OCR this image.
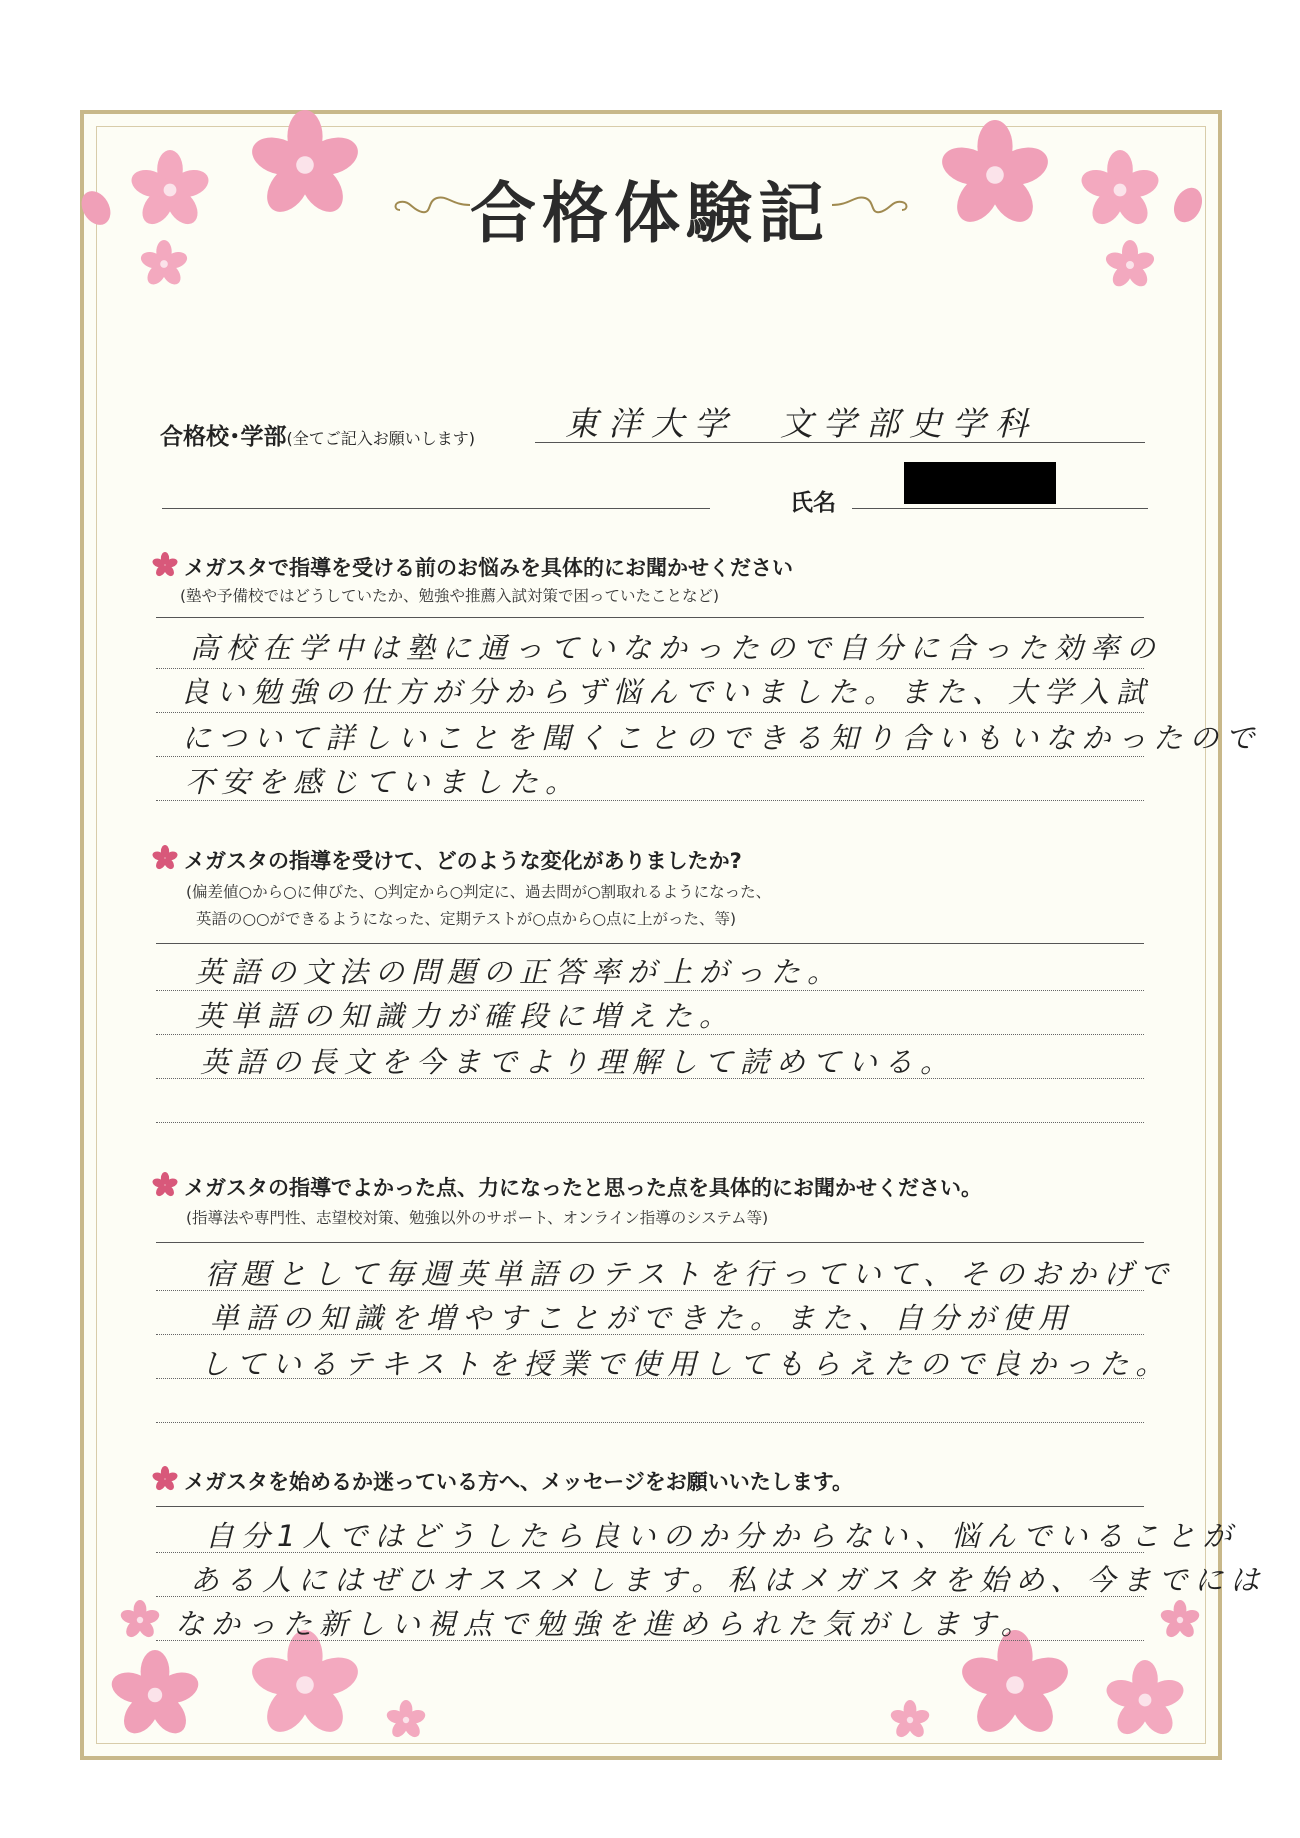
合格体験記
合格校･学部(全てご記入お願いします)	東洋大学　文学部史学科
氏名
メガスタで指導を受ける前のお悩みを具体的にお聞かせください
(塾や予備校ではどうしていたか、勉強や推薦入試対策で困っていたことなど)
高校在学中は塾に通っていなかったので自分に合った効率の
良い勉強の仕方が分からず悩んでいました。また、大学入試
について詳しいことを聞くことのできる知り合いもいなかったので
不安を感じていました。
メガスタの指導を受けて、どのような変化がありましたか?
(偏差値○から○に伸びた、○判定から○判定に、過去問が○割取れるようになった、
英語の○○ができるようになった、定期テストが○点から○点に上がった、等)
英語の文法の問題の正答率が上がった。
英単語の知識力が確段に増えた。
英語の長文を今までより理解して読めている。
メガスタの指導でよかった点、力になったと思った点を具体的にお聞かせください。
(指導法や専門性、志望校対策、勉強以外のサポート、オンライン指導のシステム等)
宿題として毎週英単語のテストを行っていて、そのおかげで
単語の知識を増やすことができた。また、自分が使用
しているテキストを授業で使用してもらえたので良かった。
メガスタを始めるか迷っている方へ、メッセージをお願いいたします。
自分1人ではどうしたら良いのか分からない、悩んでいることが
ある人にはぜひオススメします。私はメガスタを始め、今までには
なかった新しい視点で勉強を進められた気がします。
